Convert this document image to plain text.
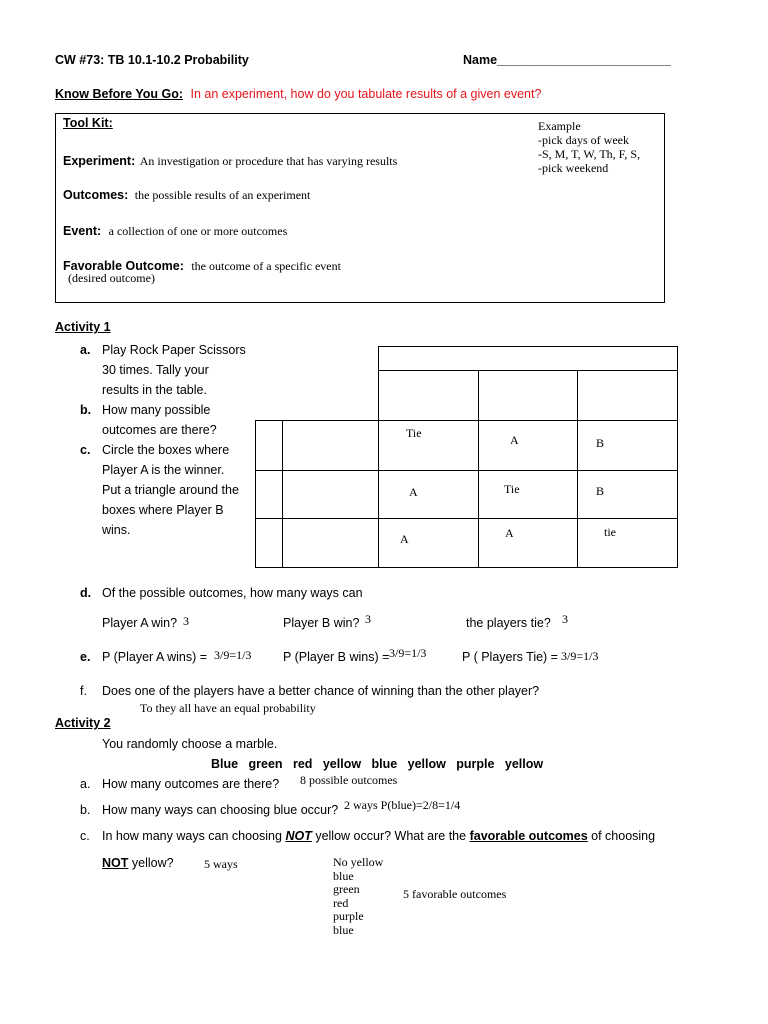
CW #73: TB 10.1-10.2 Probability	Name_________________________
Know Before You Go: In an experiment, how do you tabulate results of a given event?
Tool Kit:
Experiment: An investigation or procedure that has varying results
Outcomes: the possible results of an experiment
Event: a collection of one or more outcomes
Favorable Outcome: the outcome of a specific event
(desired outcome)
Example
-pick days of week
-S, M, T, W, Th, F, S,
-pick weekend
Activity 1
a. Play Rock Paper Scissors
30 times. Tally your
results in the table.
b. How many possible
outcomes are there?
c. Circle the boxes where
Player A is the winner.
Put a triangle around the
boxes where Player B
wins.
Tie	A	B
A	Tie	B
A	A	tie
d. Of the possible outcomes, how many ways can
Player A win? 3	Player B win? 3	the players tie? 3
e. P (Player A wins) = 3/9=1/3	P (Player B wins) = 3/9=1/3	P ( Players Tie) = 3/9=1/3
f. Does one of the players have a better chance of winning than the other player?
To they all have an equal probability
Activity 2
You randomly choose a marble.
Blue green red yellow blue yellow purple yellow
a. How many outcomes are there? 8 possible outcomes
b. How many ways can choosing blue occur? 2 ways P(blue)=2/8=1/4
c. In how many ways can choosing NOT yellow occur? What are the favorable outcomes of choosing
NOT yellow?	5 ways	No yellow
blue
green
red
purple
blue
5 favorable outcomes
